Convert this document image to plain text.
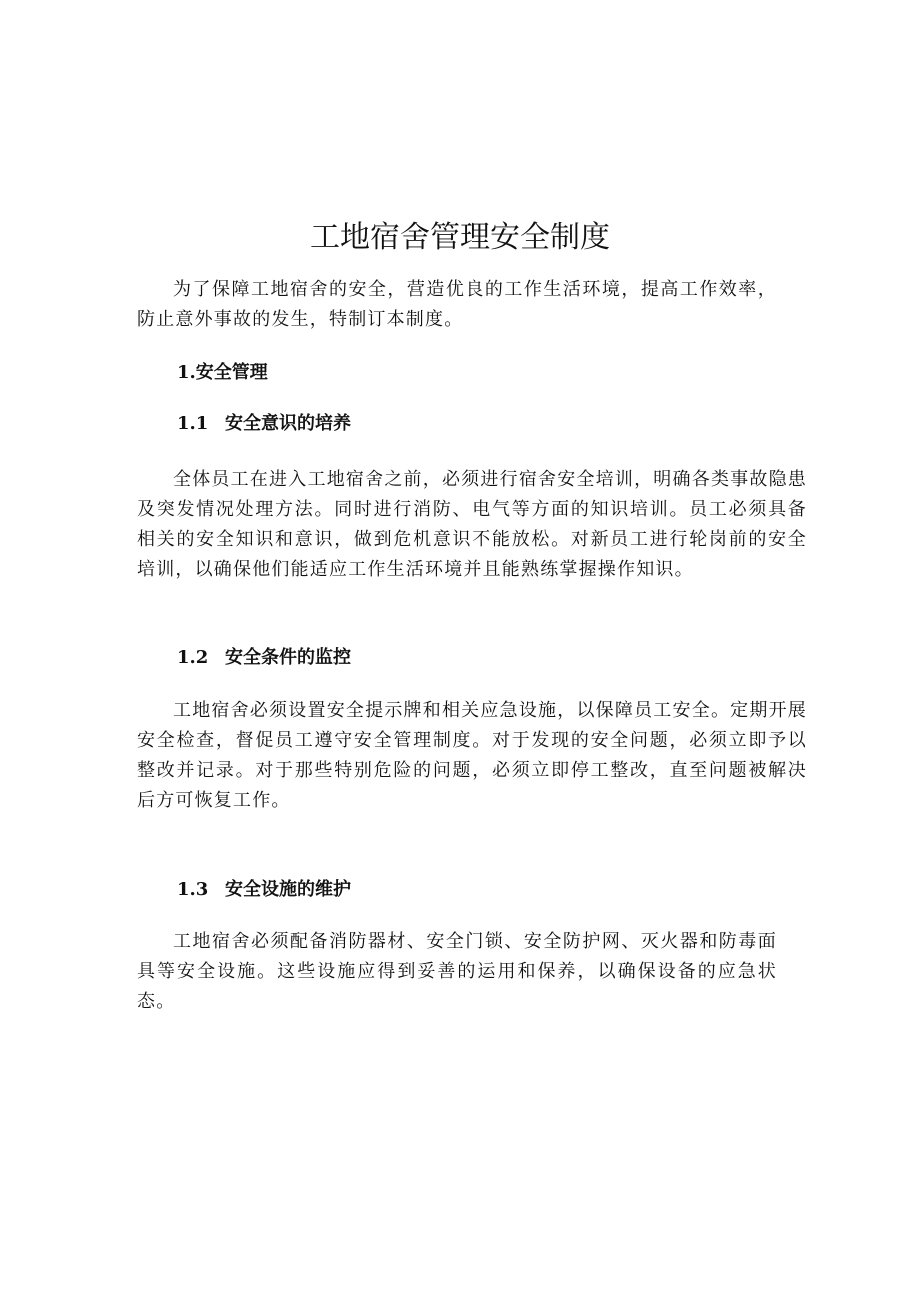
工地宿舍管理安全制度

为了保障工地宿舍的安全，营造优良的工作生活环境，提高工作效率，防止意外事故的发生，特制订本制度。

1.安全管理
1.1 安全意识的培养

全体员工在进入工地宿舍之前，必须进行宿舍安全培训，明确各类事故隐患及突发情况处理方法。同时进行消防、电气等方面的知识培训。员工必须具备相关的安全知识和意识，做到危机意识不能放松。对新员工进行轮岗前的安全培训，以确保他们能适应工作生活环境并且能熟练掌握操作知识。

1.2 安全条件的监控

工地宿舍必须设置安全提示牌和相关应急设施，以保障员工安全。定期开展安全检查，督促员工遵守安全管理制度。对于发现的安全问题，必须立即予以整改并记录。对于那些特别危险的问题，必须立即停工整改，直至问题被解决后方可恢复工作。

1.3 安全设施的维护

工地宿舍必须配备消防器材、安全门锁、安全防护网、灭火器和防毒面具等安全设施。这些设施应得到妥善的运用和保养，以确保设备的应急状态。
